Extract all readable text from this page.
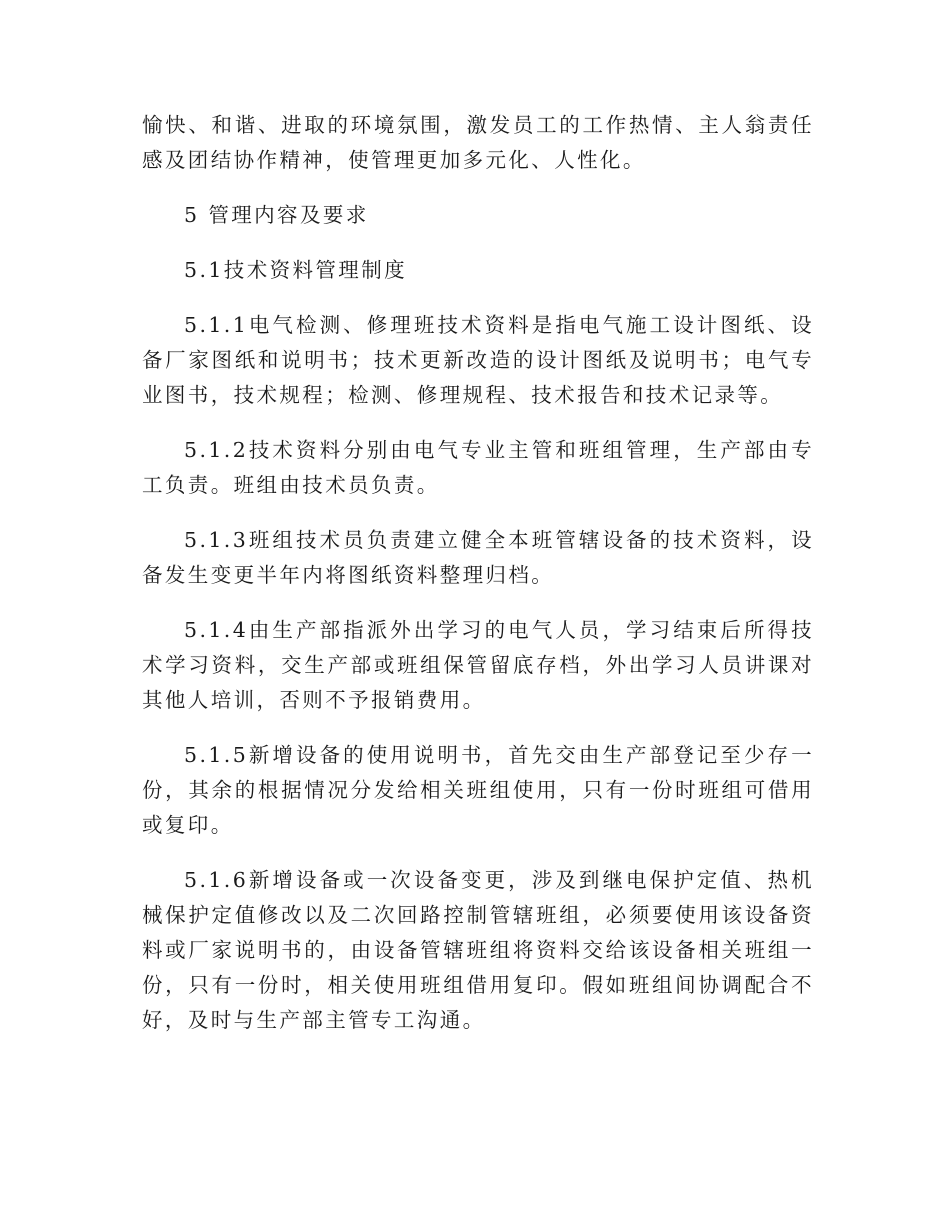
愉快、和谐、进取的环境氛围，激发员工的工作热情、主人翁责任感及团结协作精神，使管理更加多元化、人性化。

5 管理内容及要求

5.1技术资料管理制度

5.1.1电气检测、修理班技术资料是指电气施工设计图纸、设备厂家图纸和说明书；技术更新改造的设计图纸及说明书；电气专业图书，技术规程；检测、修理规程、技术报告和技术记录等。

5.1.2技术资料分别由电气专业主管和班组管理，生产部由专工负责。班组由技术员负责。

5.1.3班组技术员负责建立健全本班管辖设备的技术资料，设备发生变更半年内将图纸资料整理归档。

5.1.4由生产部指派外出学习的电气人员，学习结束后所得技术学习资料，交生产部或班组保管留底存档，外出学习人员讲课对其他人培训，否则不予报销费用。

5.1.5新增设备的使用说明书，首先交由生产部登记至少存一份，其余的根据情况分发给相关班组使用，只有一份时班组可借用或复印。

5.1.6新增设备或一次设备变更，涉及到继电保护定值、热机械保护定值修改以及二次回路控制管辖班组，必须要使用该设备资料或厂家说明书的，由设备管辖班组将资料交给该设备相关班组一份，只有一份时，相关使用班组借用复印。假如班组间协调配合不好，及时与生产部主管专工沟通。
